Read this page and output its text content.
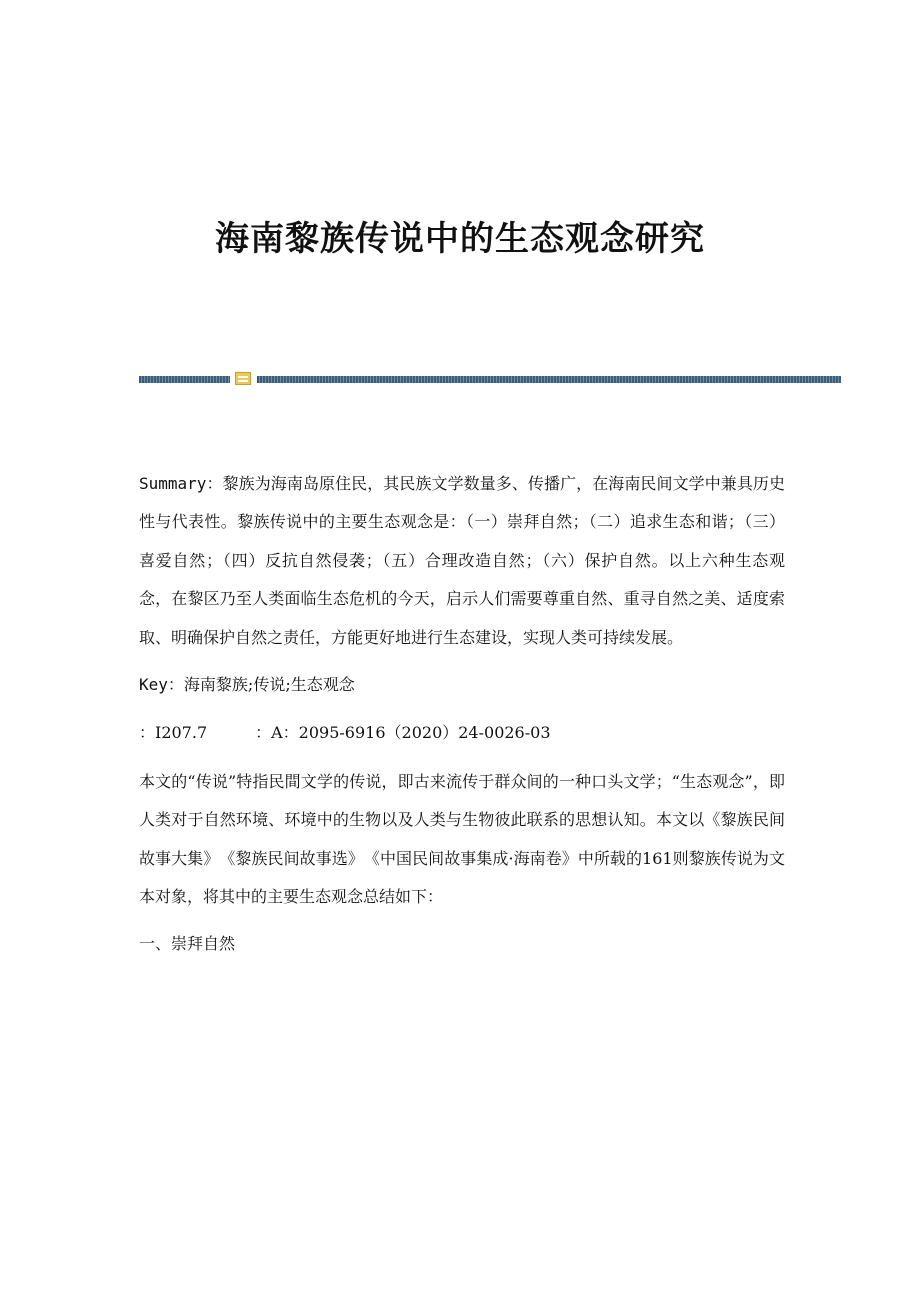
海南黎族传说中的生态观念研究

Summary：黎族为海南岛原住民，其民族文学数量多、传播广，在海南民间文学中兼具历史性与代表性。黎族传说中的主要生态观念是：（一）崇拜自然；（二）追求生态和谐；（三）喜爱自然；（四）反抗自然侵袭；（五）合理改造自然；（六）保护自然。以上六种生态观念，在黎区乃至人类面临生态危机的今天，启示人们需要尊重自然、重寻自然之美、适度索取、明确保护自然之责任，方能更好地进行生态建设，实现人类可持续发展。

Key：海南黎族;传说;生态观念

：I207.7　　　：A：2095-6916（2020）24-0026-03

本文的“传说”特指民間文学的传说，即古来流传于群众间的一种口头文学；“生态观念”，即人类对于自然环境、环境中的生物以及人类与生物彼此联系的思想认知。本文以《黎族民间故事大集》　《黎族民间故事选》　《中国民间故事集成·海南卷》中所载的161则黎族传说为文本对象，将其中的主要生态观念总结如下：

一、崇拜自然
